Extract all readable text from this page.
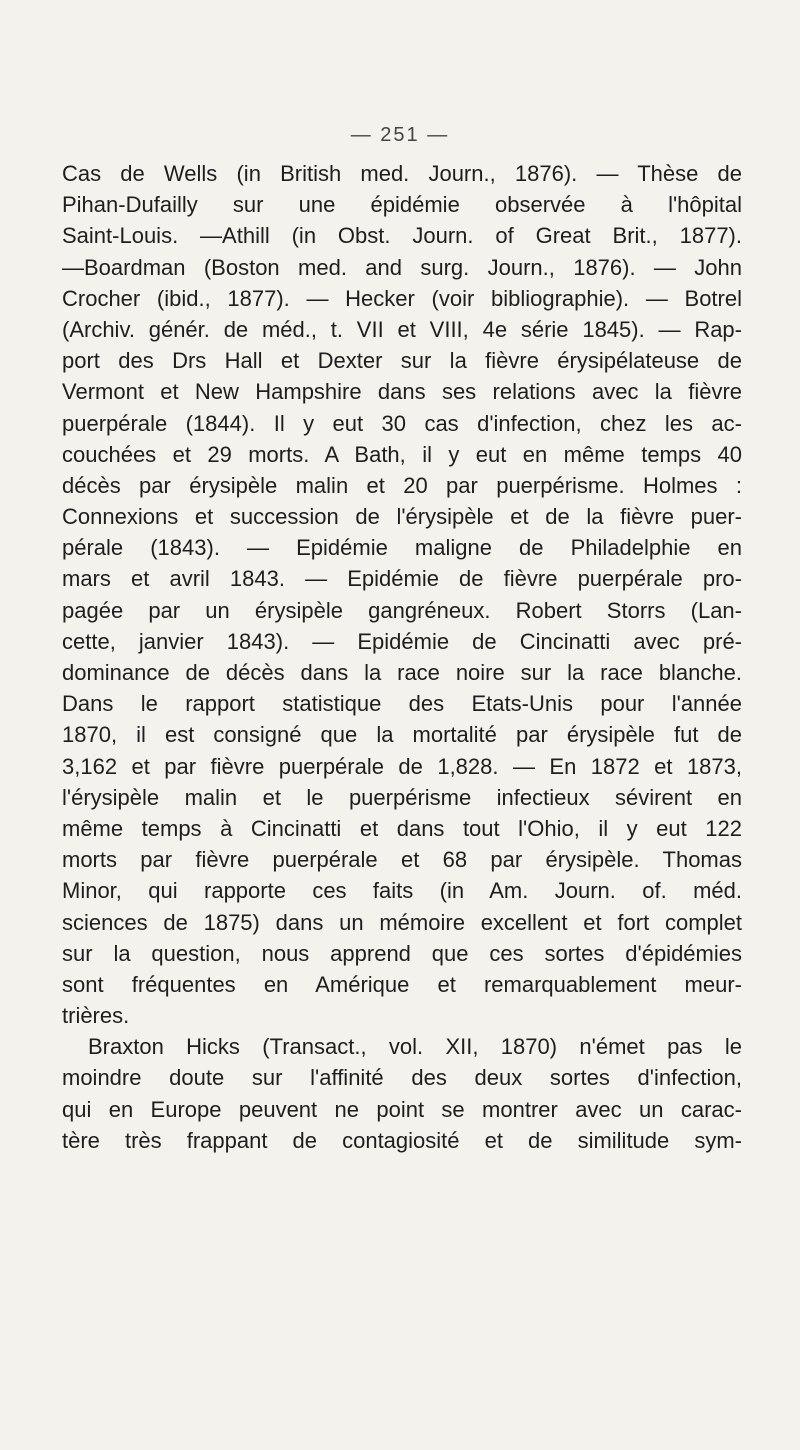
— 251 —
Cas de Wells (in British med. Journ., 1876). — Thèse de
Pihan-Dufailly sur une épidémie observée à l'hôpital
Saint-Louis. —Athill (in Obst. Journ. of Great Brit., 1877).
—Boardman (Boston med. and surg. Journ., 1876). — John
Crocher (ibid., 1877). — Hecker (voir bibliographie). — Botrel
(Archiv. génér. de méd., t. VII et VIII, 4e série 1845). — Rap-
port des Drs Hall et Dexter sur la fièvre érysipélateuse de
Vermont et New Hampshire dans ses relations avec la fièvre
puerpérale (1844). Il y eut 30 cas d'infection, chez les ac-
couchées et 29 morts. A Bath, il y eut en même temps 40
décès par érysipèle malin et 20 par puerpérisme. Holmes :
Connexions et succession de l'érysipèle et de la fièvre puer-
pérale (1843). — Epidémie maligne de Philadelphie en
mars et avril 1843. — Epidémie de fièvre puerpérale pro-
pagée par un érysipèle gangréneux. Robert Storrs (Lan-
cette, janvier 1843). — Epidémie de Cincinatti avec pré-
dominance de décès dans la race noire sur la race blanche.
Dans le rapport statistique des Etats-Unis pour l'année
1870, il est consigné que la mortalité par érysipèle fut de
3,162 et par fièvre puerpérale de 1,828. — En 1872 et 1873,
l'érysipèle malin et le puerpérisme infectieux sévirent en
même temps à Cincinatti et dans tout l'Ohio, il y eut 122
morts par fièvre puerpérale et 68 par érysipèle. Thomas
Minor, qui rapporte ces faits (in Am. Journ. of. méd.
sciences de 1875) dans un mémoire excellent et fort complet
sur la question, nous apprend que ces sortes d'épidémies
sont fréquentes en Amérique et remarquablement meur-
trières.
Braxton Hicks (Transact., vol. XII, 1870) n'émet pas le
moindre doute sur l'affinité des deux sortes d'infection,
qui en Europe peuvent ne point se montrer avec un carac-
tère très frappant de contagiosité et de similitude sym-
